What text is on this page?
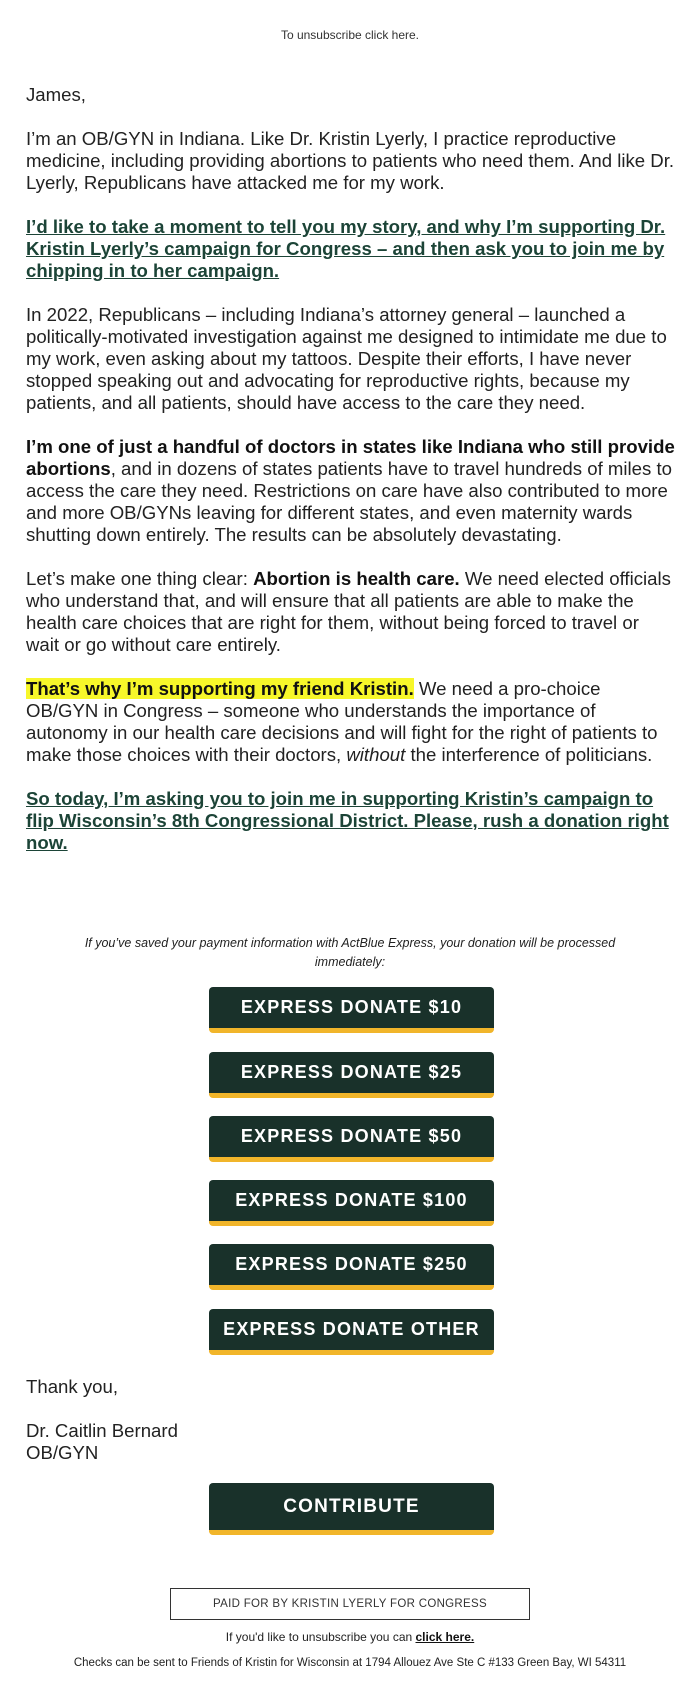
To unsubscribe click here.

James,

I’m an OB/GYN in Indiana. Like Dr. Kristin Lyerly, I practice reproductive medicine, including providing abortions to patients who need them. And like Dr. Lyerly, Republicans have attacked me for my work.

I’d like to take a moment to tell you my story, and why I’m supporting Dr. Kristin Lyerly’s campaign for Congress – and then ask you to join me by chipping in to her campaign.

In 2022, Republicans – including Indiana’s attorney general – launched a politically-motivated investigation against me designed to intimidate me due to my work, even asking about my tattoos. Despite their efforts, I have never stopped speaking out and advocating for reproductive rights, because my patients, and all patients, should have access to the care they need.

I’m one of just a handful of doctors in states like Indiana who still provide abortions, and in dozens of states patients have to travel hundreds of miles to access the care they need. Restrictions on care have also contributed to more and more OB/GYNs leaving for different states, and even maternity wards shutting down entirely. The results can be absolutely devastating.

Let’s make one thing clear: Abortion is health care. We need elected officials who understand that, and will ensure that all patients are able to make the health care choices that are right for them, without being forced to travel or wait or go without care entirely.

That’s why I’m supporting my friend Kristin. We need a pro-choice OB/GYN in Congress – someone who understands the importance of autonomy in our health care decisions and will fight for the right of patients to make those choices with their doctors, without the interference of politicians.

So today, I’m asking you to join me in supporting Kristin’s campaign to flip Wisconsin’s 8th Congressional District. Please, rush a donation right now.

If you’ve saved your payment information with ActBlue Express, your donation will be processed immediately:
EXPRESS DONATE $10
EXPRESS DONATE $25
EXPRESS DONATE $50
EXPRESS DONATE $100
EXPRESS DONATE $250
EXPRESS DONATE OTHER

Thank you,

Dr. Caitlin Bernard
OB/GYN
CONTRIBUTE
PAID FOR BY KRISTIN LYERLY FOR CONGRESS
If you'd like to unsubscribe you can click here.
Checks can be sent to Friends of Kristin for Wisconsin at 1794 Allouez Ave Ste C #133 Green Bay, WI 54311
